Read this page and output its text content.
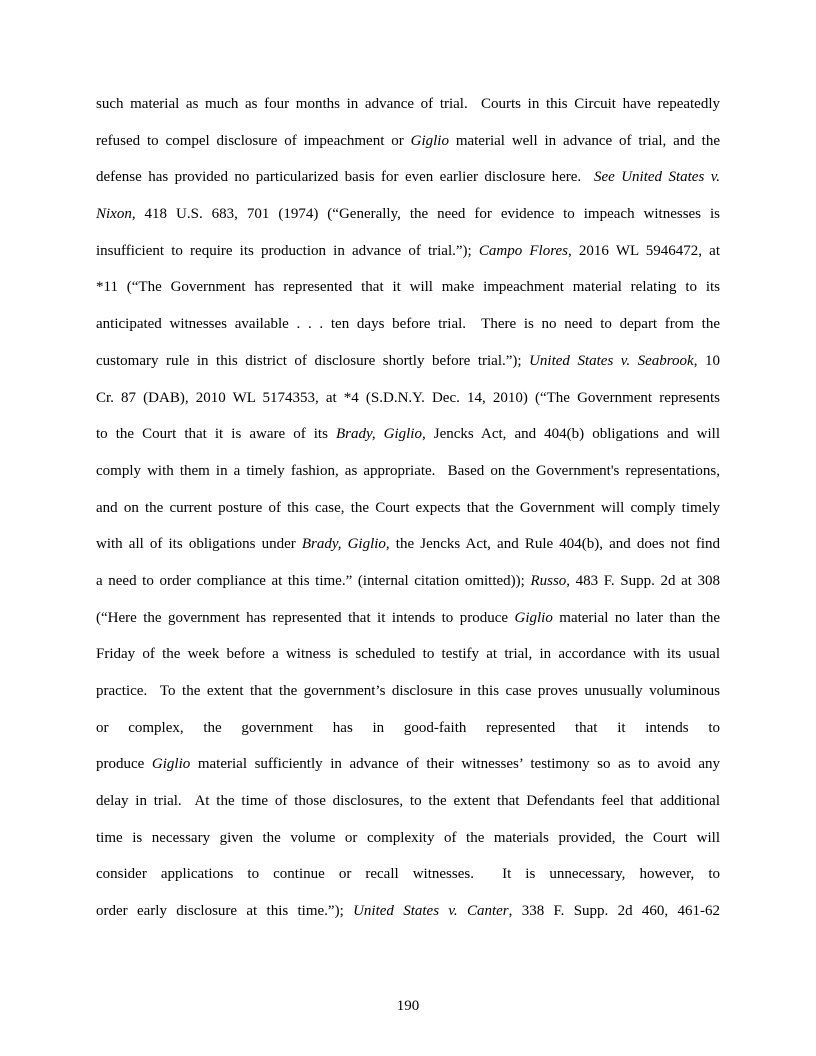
such material as much as four months in advance of trial.  Courts in this Circuit have repeatedly
refused to compel disclosure of impeachment or Giglio material well in advance of trial, and the
defense has provided no particularized basis for even earlier disclosure here.  See United States v.
Nixon, 418 U.S. 683, 701 (1974) (“Generally, the need for evidence to impeach witnesses is
insufficient to require its production in advance of trial.”); Campo Flores, 2016 WL 5946472, at
*11 (“The Government has represented that it will make impeachment material relating to its
anticipated witnesses available . . . ten days before trial.  There is no need to depart from the
customary rule in this district of disclosure shortly before trial.”); United States v. Seabrook, 10
Cr. 87 (DAB), 2010 WL 5174353, at *4 (S.D.N.Y. Dec. 14, 2010) (“The Government represents
to the Court that it is aware of its Brady, Giglio, Jencks Act, and 404(b) obligations and will
comply with them in a timely fashion, as appropriate.  Based on the Government's representations,
and on the current posture of this case, the Court expects that the Government will comply timely
with all of its obligations under Brady, Giglio, the Jencks Act, and Rule 404(b), and does not find
a need to order compliance at this time.” (internal citation omitted)); Russo, 483 F. Supp. 2d at 308
(“Here the government has represented that it intends to produce Giglio material no later than the
Friday of the week before a witness is scheduled to testify at trial, in accordance with its usual
practice.  To the extent that the government’s disclosure in this case proves unusually voluminous
or complex, the government has in good-faith represented that it intends to
produce Giglio material sufficiently in advance of their witnesses’ testimony so as to avoid any
delay in trial.  At the time of those disclosures, to the extent that Defendants feel that additional
time is necessary given the volume or complexity of the materials provided, the Court will
consider applications to continue or recall witnesses.  It is unnecessary, however, to
order early disclosure at this time.”); United States v. Canter, 338 F. Supp. 2d 460, 461-62
190
